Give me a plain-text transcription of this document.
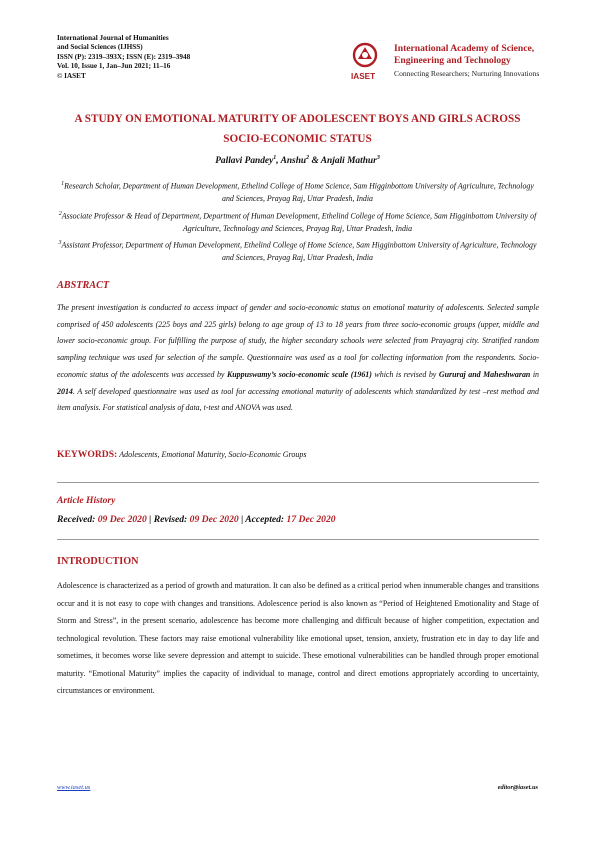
International Journal of Humanities
and Social Sciences (IJHSS)
ISSN (P): 2319–393X; ISSN (E): 2319–3948
Vol. 10, Issue 1, Jan–Jun 2021; 11–16
© IASET	IASET
International Academy of Science,
Engineering and Technology
Connecting Researchers; Nurturing Innovations
A STUDY ON EMOTIONAL MATURITY OF ADOLESCENT BOYS AND GIRLS ACROSS
SOCIO-ECONOMIC STATUS
Pallavi Pandey$^1$, Anshu$^2$ & Anjali Mathur$^3$
$^1$Research Scholar, Department of Human Development, Ethelind College of Home Science, Sam Higginbottom University of Agriculture, Technology and Sciences, Prayag Raj, Uttar Pradesh, India
$^2$Associate Professor & Head of Department, Department of Human Development, Ethelind College of Home Science, Sam Higginbottom University of Agriculture, Technology and Sciences, Prayag Raj, Uttar Pradesh, India
$^3$Assistant Professor, Department of Human Development, Ethelind College of Home Science, Sam Higginbottom University of Agriculture, Technology and Sciences, Prayag Raj, Uttar Pradesh, India
ABSTRACT
The present investigation is conducted to access impact of gender and socio-economic status on emotional maturity of adolescents. Selected sample comprised of 450 adolescents (225 boys and 225 girls) belong to age group of 13 to 18 years from three socio-economic groups (upper, middle and lower socio-economic group. For fulfilling the purpose of study, the higher secondary schools were selected from Prayagraj city. Stratified random sampling technique was used for selection of the sample. Questionnaire was used as a tool for collecting information from the respondents. Socio-economic status of the adolescents was accessed by Kuppuswamy’s socio-economic scale (1961) which is revised by Gururaj and Maheshwaran in 2014. A self developed questionnaire was used as tool for accessing emotional maturity of adolescents which standardized by test –rest method and item analysis. For statistical analysis of data, t-test and ANOVA was used.
KEYWORDS: Adolescents, Emotional Maturity, Socio-Economic Groups
Article History
Received: 09 Dec 2020 | Revised: 09 Dec 2020 | Accepted: 17 Dec 2020
INTRODUCTION
Adolescence is characterized as a period of growth and maturation. It can also be defined as a critical period when innumerable changes and transitions occur and it is not easy to cope with changes and transitions. Adolescence period is also known as “Period of Heightened Emotionality and Stage of Storm and Stress”, in the present scenario, adolescence has become more challenging and difficult because of higher competition, expectation and technological revolution. These factors may raise emotional vulnerability like emotional upset, tension, anxiety, frustration etc in day to day life and sometimes, it becomes worse like severe depression and attempt to suicide. These emotional vulnerabilities can be handled through proper emotional maturity. “Emotional Maturity” implies the capacity of individual to manage, control and direct emotions appropriately according to uncertainty, circumstances or environment.
www.iaset.us	editor@iaset.us
